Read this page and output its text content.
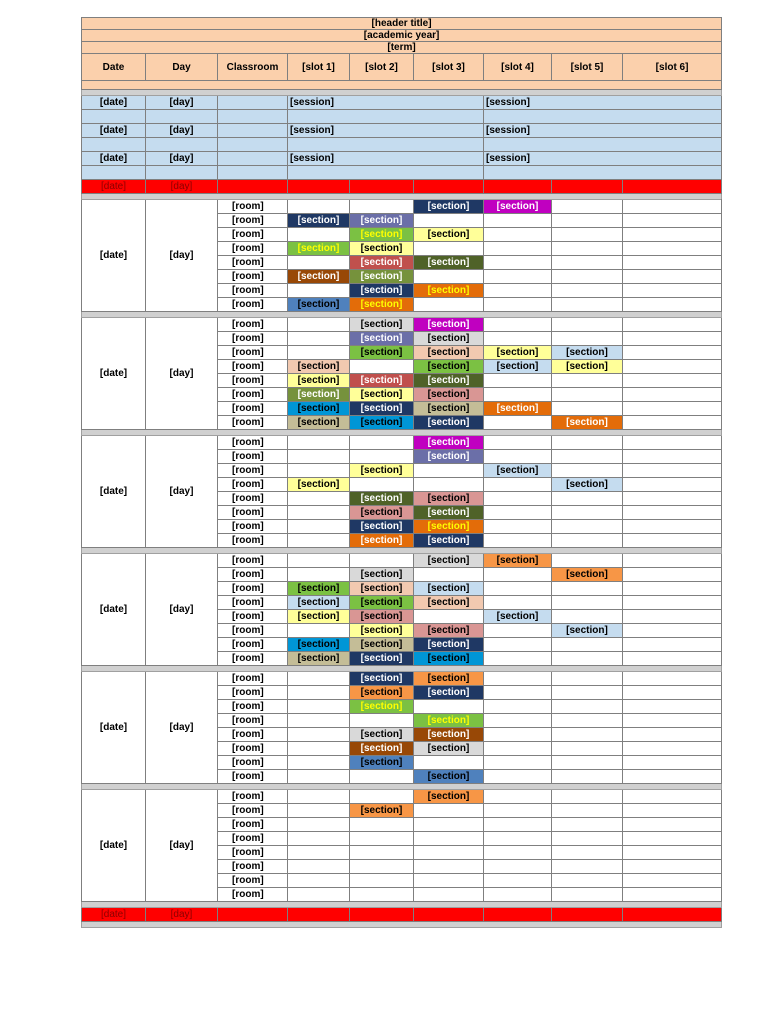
[header title]									
[academic year]									
[term]									

Date	Day	Classroom	[slot 1]	[slot 2]	[slot 3]	[slot 4]	[slot 5]	[slot 6]	

[date]	[day]		[session]			[session]			

[date]	[day]		[session]			[session]			

[date]	[day]		[session]			[session]			

[date]	[day]								

[date]	[day]	[room]			[section]	[section]			
		[room]	[section]	[section]					
		[room]		[section]	[section]				
		[room]	[section]	[section]					
		[room]		[section]	[section]				
		[room]	[section]	[section]					
		[room]		[section]	[section]				
		[room]	[section]	[section]					

[date]	[day]	[room]		[section]	[section]				
		[room]		[section]	[section]				
		[room]		[section]	[section]	[section]	[section]		
		[room]	[section]		[section]	[section]	[section]		
		[room]	[section]	[section]	[section]				
		[room]	[section]	[section]	[section]				
		[room]	[section]	[section]	[section]	[section]			
		[room]	[section]	[section]	[section]		[section]		

[date]	[day]	[room]			[section]				
		[room]			[section]				
		[room]		[section]		[section]			
		[room]	[section]				[section]		
		[room]		[section]	[section]				
		[room]		[section]	[section]				
		[room]		[section]	[section]				
		[room]		[section]	[section]				

[date]	[day]	[room]			[section]	[section]			
		[room]		[section]			[section]		
		[room]	[section]	[section]	[section]				
		[room]	[section]	[section]	[section]				
		[room]	[section]	[section]		[section]			
		[room]		[section]	[section]		[section]		
		[room]	[section]	[section]	[section]				
		[room]	[section]	[section]	[section]				

[date]	[day]	[room]		[section]	[section]				
		[room]		[section]	[section]				
		[room]		[section]					
		[room]			[section]				
		[room]		[section]	[section]				
		[room]		[section]	[section]				
		[room]		[section]					
		[room]			[section]				

[date]	[day]	[room]			[section]				
		[room]		[section]					
		[room]							
		[room]							
		[room]							
		[room]							
		[room]							
		[room]							

[date]	[day]								
